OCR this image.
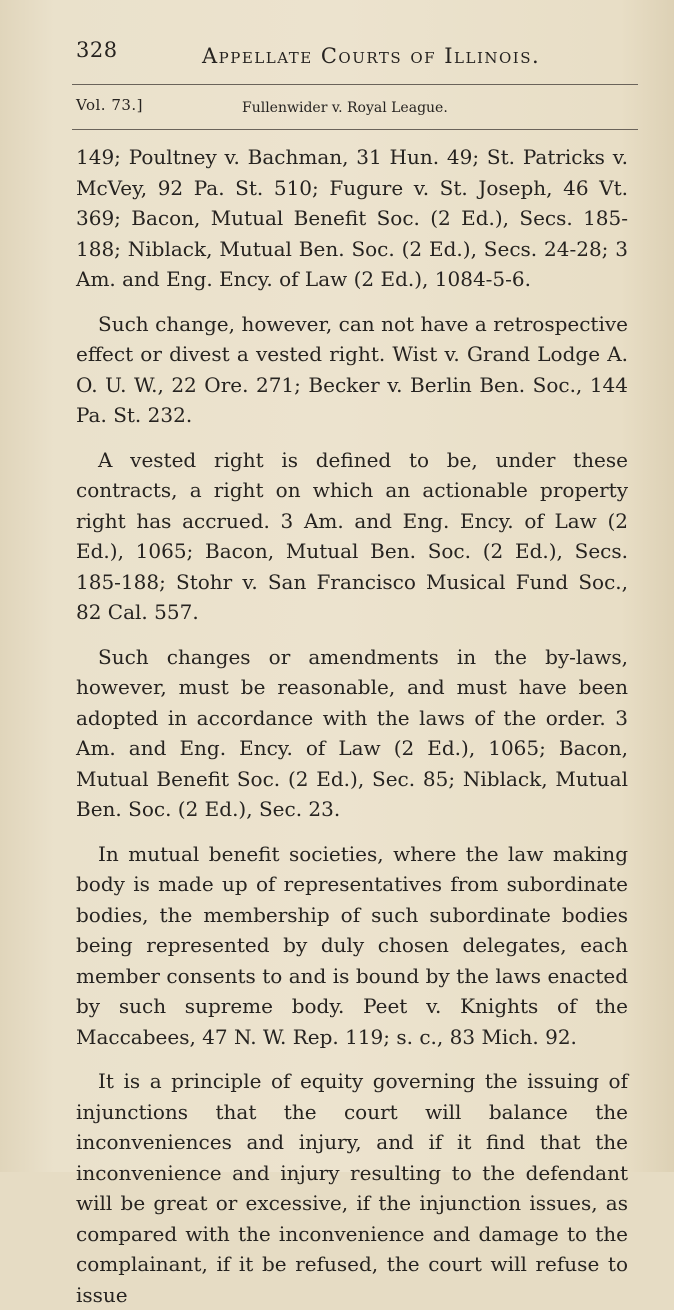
328	Appellate Courts of Illinois.
Vol. 73.]	Fullenwider v. Royal League.

149; Poultney v. Bachman, 31 Hun. 49; St. Patricks v. McVey, 92 Pa. St. 510; Fugure v. St. Joseph, 46 Vt. 369; Bacon, Mutual Benefit Soc. (2 Ed.), Secs. 185-188; Niblack, Mutual Ben. Soc. (2 Ed.), Secs. 24-28; 3 Am. and Eng. Ency. of Law (2 Ed.), 1084-5-6.

Such change, however, can not have a retrospective effect or divest a vested right. Wist v. Grand Lodge A. O. U. W., 22 Ore. 271; Becker v. Berlin Ben. Soc., 144 Pa. St. 232.

A vested right is defined to be, under these contracts, a right on which an actionable property right has accrued. 3 Am. and Eng. Ency. of Law (2 Ed.), 1065; Bacon, Mutual Ben. Soc. (2 Ed.), Secs. 185-188; Stohr v. San Francisco Musical Fund Soc., 82 Cal. 557.

Such changes or amendments in the by-laws, however, must be reasonable, and must have been adopted in accordance with the laws of the order. 3 Am. and Eng. Ency. of Law (2 Ed.), 1065; Bacon, Mutual Benefit Soc. (2 Ed.), Sec. 85; Niblack, Mutual Ben. Soc. (2 Ed.), Sec. 23.

In mutual benefit societies, where the law making body is made up of representatives from subordinate bodies, the membership of such subordinate bodies being represented by duly chosen delegates, each member consents to and is bound by the laws enacted by such supreme body. Peet v. Knights of the Maccabees, 47 N. W. Rep. 119; s. c., 83 Mich. 92.

It is a principle of equity governing the issuing of injunctions that the court will balance the inconveniences and injury, and if it find that the inconvenience and injury resulting to the defendant will be great or excessive, if the injunction issues, as compared with the inconvenience and damage to the complainant, if it be refused, the court will refuse to issue
